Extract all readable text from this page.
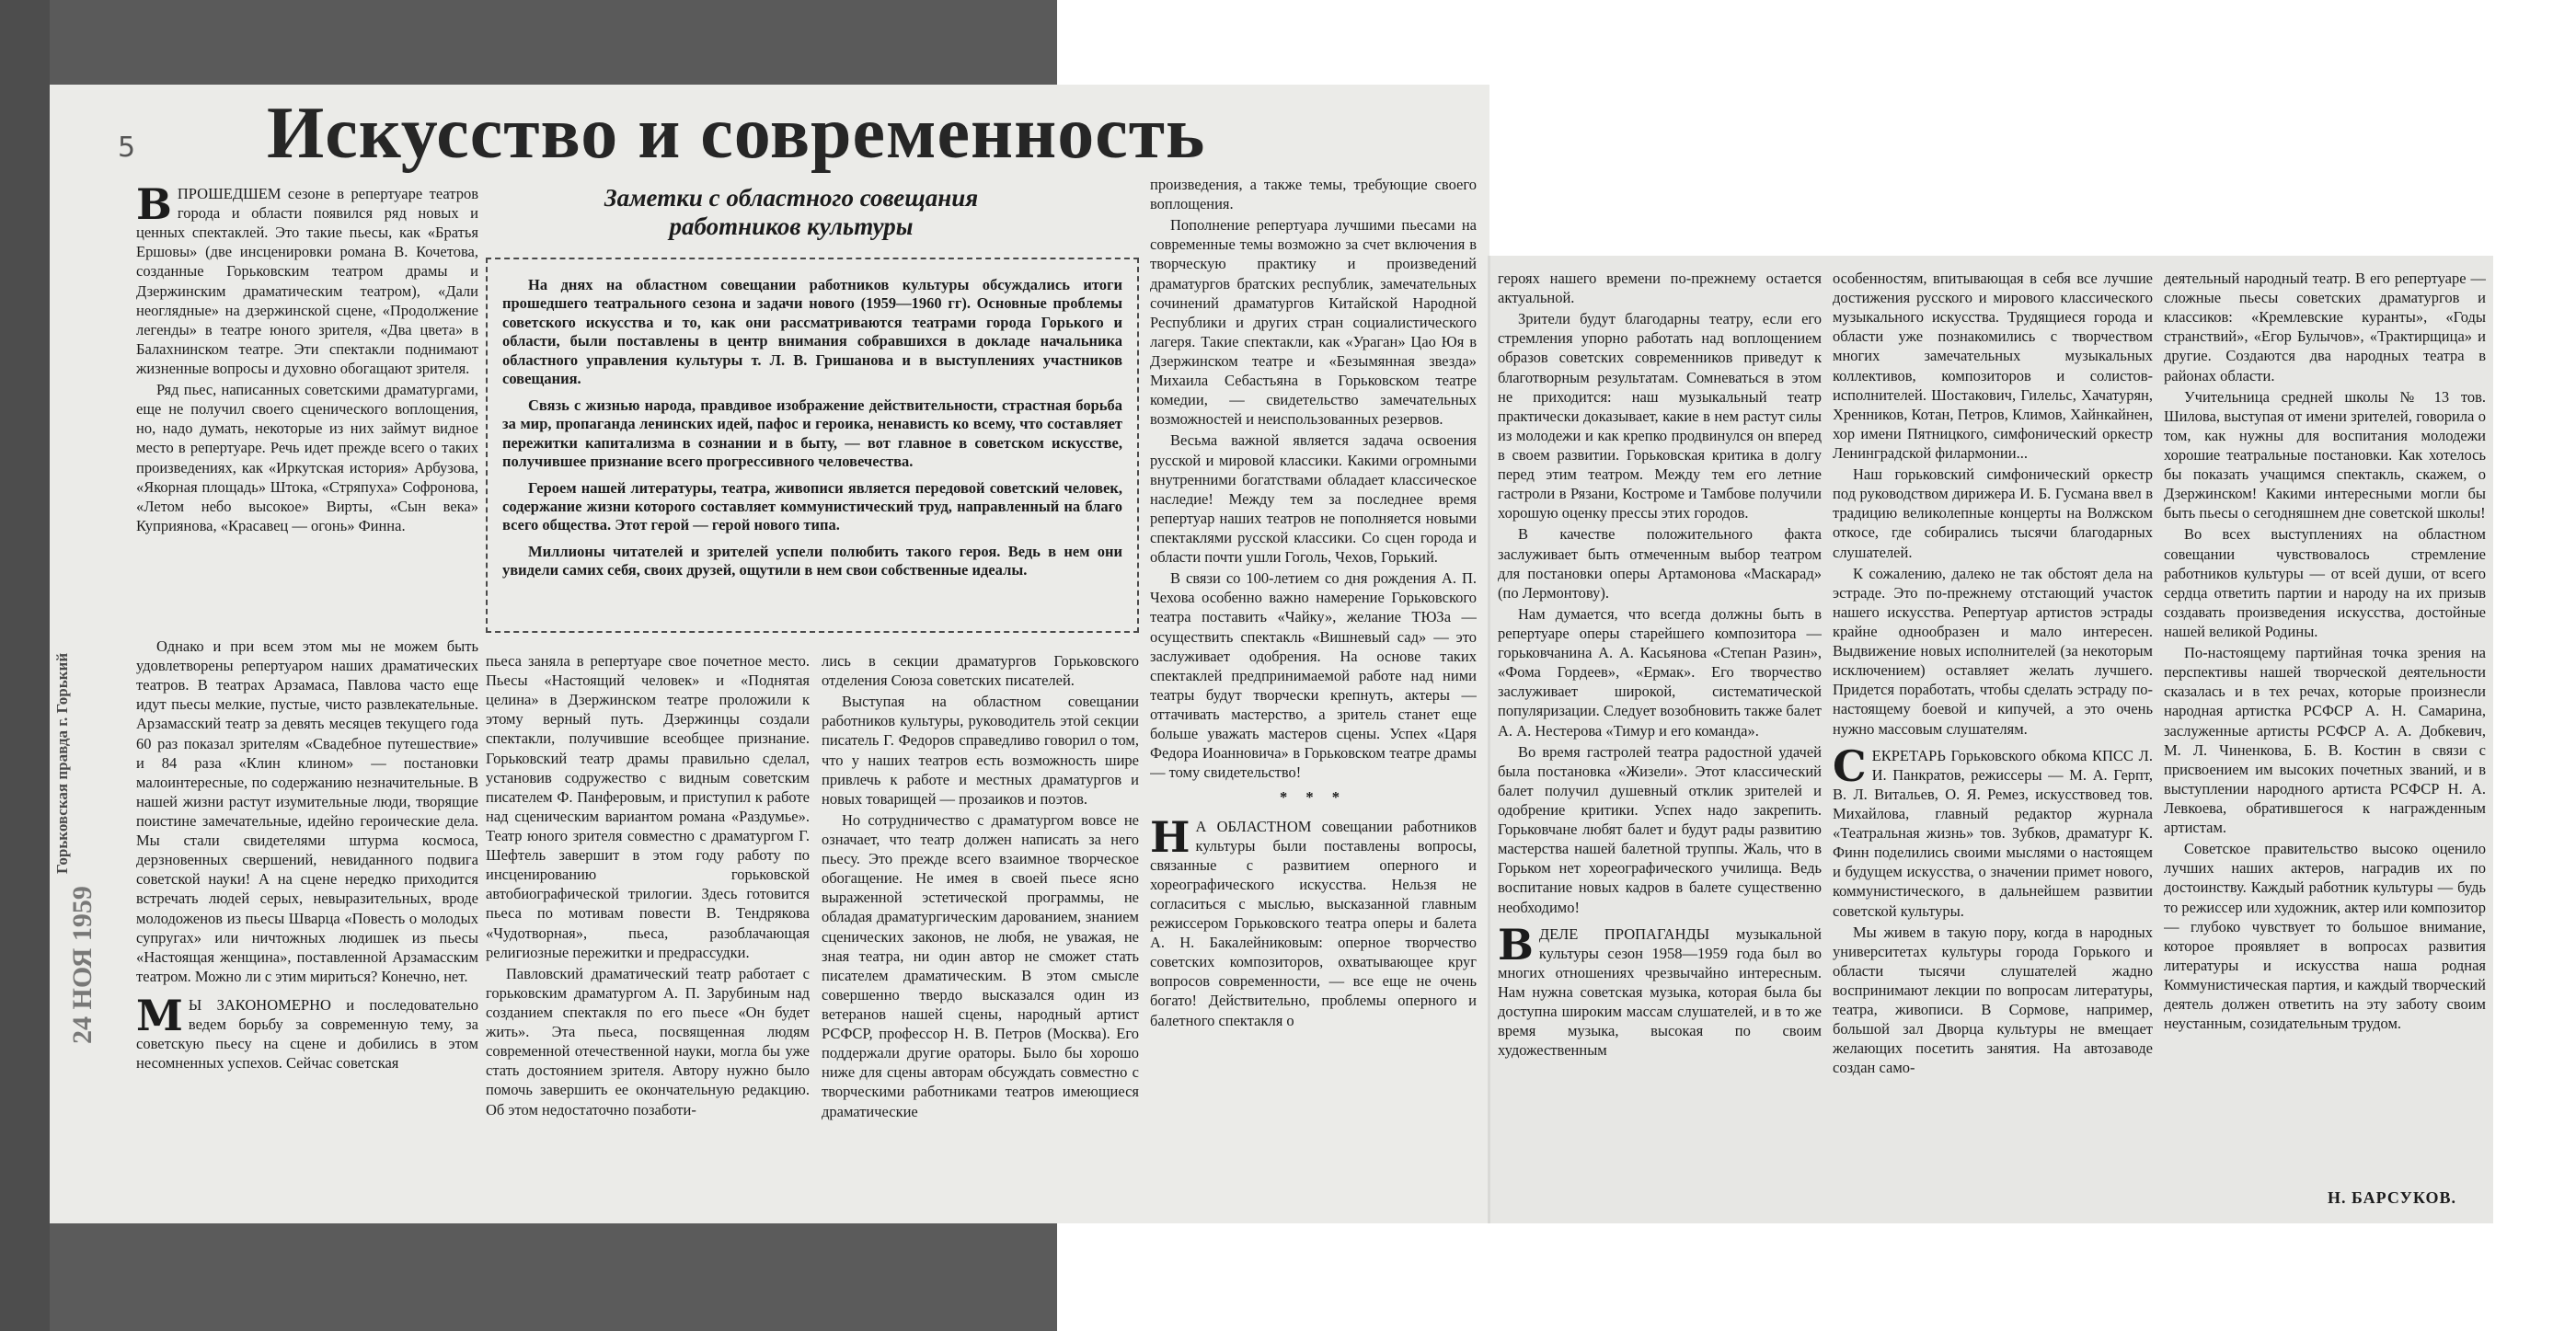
5
Горьковская правда г. Горький
24 НОЯ 1959
Искусство и современность
Заметки с областного совещания работников культуры

На днях на областном совещании работников культуры обсуждались итоги прошедшего театрального сезона и задачи нового (1959—1960 гг). Основные проблемы советского искусства и то, как они рассматриваются театрами города Горького и области, были поставлены в центр внимания собравшихся в докладе начальника областного управления культуры т. Л. В. Гришанова и в выступлениях участников совещания.

Связь с жизнью народа, правдивое изображение действительности, страстная борьба за мир, пропаганда ленинских идей, пафос и героика, ненависть ко всему, что составляет пережитки капитализма в сознании и в быту, — вот главное в советском искусстве, получившее признание всего прогрессивного человечества.

Героем нашей литературы, театра, живописи является передовой советский человек, содержание жизни которого составляет коммунистический труд, направленный на благо всего общества. Этот герой — герой нового типа.

Миллионы читателей и зрителей успели полюбить такого героя. Ведь в нем они увидели самих себя, своих друзей, ощутили в нем свои собственные идеалы.

ВПРОШЕДШЕМ сезоне в репертуаре театров города и области появился ряд новых и ценных спектаклей. Это такие пьесы, как «Братья Ершовы» (две инсценировки романа В. Кочетова, созданные Горьковским театром драмы и Дзержинским драматическим театром), «Дали неоглядные» на дзержинской сцене, «Продолжение легенды» в театре юного зрителя, «Два цвета» в Балахнинском театре. Эти спектакли поднимают жизненные вопросы и духовно обогащают зрителя.

Ряд пьес, написанных советскими драматургами, еще не получил своего сценического воплощения, но, надо думать, некоторые из них займут видное место в репертуаре. Речь идет прежде всего о таких произведениях, как «Иркутская история» Арбузова, «Якорная площадь» Штока, «Стряпуха» Софронова, «Летом небо высокое» Вирты, «Сын века» Куприянова, «Красавец — огонь» Финна.

Однако и при всем этом мы не можем быть удовлетворены репертуаром наших драматических театров. В театрах Арзамаса, Павлова часто еще идут пьесы мелкие, пустые, чисто развлекательные. Арзамасский театр за девять месяцев текущего года 60 раз показал зрителям «Свадебное путешествие» и 84 раза «Клин клином» — постановки малоинтересные, по содержанию незначительные. В нашей жизни растут изумительные люди, творящие поистине замечательные, идейно героические дела. Мы стали свидетелями штурма космоса, дерзновенных свершений, невиданного подвига советской науки! А на сцене нередко приходится встречать людей серых, невыразительных, вроде молодоженов из пьесы Шварца «Повесть о молодых супругах» или ничтожных людишек из пьесы «Настоящая женщина», поставленной Арзамасским театром. Можно ли с этим мириться? Конечно, нет.

М Ы ЗАКОНОМЕРНО и последовательно ведем борьбу за современную тему, за советскую пьесу на сцене и добились в этом несомненных успехов. Сейчас советская

пьеса заняла в репертуаре свое почетное место. Пьесы «Настоящий человек» и «Поднятая целина» в Дзержинском театре проложили к этому верный путь. Дзержинцы создали спектакли, получившие всеобщее признание. Горьковский театр драмы правильно сделал, установив содружество с видным советским писателем Ф. Панферовым, и приступил к работе над сценическим вариантом романа «Раздумье». Театр юного зрителя совместно с драматургом Г. Шефтель завершит в этом году работу по инсценированию горьковской автобиографической трилогии. Здесь готовится пьеса по мотивам повести В. Тендрякова «Чудотворная», пьеса, разоблачающая религиозные пережитки и предрассудки.

Павловский драматический театр работает с горьковским драматургом А. П. Зарубиным над созданием спектакля по его пьесе «Он будет жить». Эта пьеса, посвященная людям современной отечественной науки, могла бы уже стать достоянием зрителя. Автору нужно было помочь завершить ее окончательную редакцию. Об этом недостаточно позаботи-

лись в секции драматургов Горьковского отделения Союза советских писателей.

Выступая на областном совещании работников культуры, руководитель этой секции писатель Г. Федоров справедливо говорил о том, что у наших театров есть возможность шире привлечь к работе и местных драматургов и новых товарищей — прозаиков и поэтов.

Но сотрудничество с драматургом вовсе не означает, что театр должен написать за него пьесу. Это прежде всего взаимное творческое обогащение. Не имея в своей пьесе ясно выраженной эстетической программы, не обладая драматургическим дарованием, знанием сценических законов, не любя, не уважая, не зная театра, ни один автор не сможет стать писателем драматическим. В этом смысле совершенно твердо высказался один из ветеранов нашей сцены, народный артист РСФСР, профессор Н. В. Петров (Москва). Его поддержали другие ораторы. Было бы хорошо ниже для сцены авторам обсуждать совместно с творческими работниками театров имеющиеся драматические

произведения, а также темы, требующие своего воплощения.

Пополнение репертуара лучшими пьесами на современные темы возможно за счет включения в творческую практику и произведений драматургов братских республик, замечательных сочинений драматургов Китайской Народной Республики и других стран социалистического лагеря. Такие спектакли, как «Ураган» Цао Юя в Дзержинском театре и «Безымянная звезда» Михаила Себастьяна в Горьковском театре комедии, — свидетельство замечательных возможностей и неиспользованных резервов.

Весьма важной является задача освоения русской и мировой классики. Какими огромными внутренними богатствами обладает классическое наследие! Между тем за последнее время репертуар наших театров не пополняется новыми спектаклями русской классики. Со сцен города и области почти ушли Гоголь, Чехов, Горький.

В связи со 100-летием со дня рождения А. П. Чехова особенно важно намерение Горьковского театра поставить «Чайку», желание ТЮЗа — осуществить спектакль «Вишневый сад» — это заслуживает одобрения. На основе таких спектаклей предпринимаемой работе над ними театры будут творчески крепнуть, актеры — оттачивать мастерство, а зритель станет еще больше уважать мастеров сцены. Успех «Царя Федора Иоанновича» в Горьковском театре драмы — тому свидетельство!

* * *

Н А ОБЛАСТНОМ совещании работников культуры были поставлены вопросы, связанные с развитием оперного и хореографического искусства. Нельзя не согласиться с мыслью, высказанной главным режиссером Горьковского театра оперы и балета А. Н. Бакалейниковым: оперное творчество советских композиторов, охватывающее круг вопросов современности, — все еще не очень богато! Действительно, проблемы оперного и балетного спектакля о

героях нашего времени по-прежнему остается актуальной.

Зрители будут благодарны театру, если его стремления упорно работать над воплощением образов советских современников приведут к благотворным результатам. Сомневаться в этом не приходится: наш музыкальный театр практически доказывает, какие в нем растут силы из молодежи и как крепко продвинулся он вперед в своем развитии. Горьковская критика в долгу перед этим театром. Между тем его летние гастроли в Рязани, Костроме и Тамбове получили хорошую оценку прессы этих городов.

В качестве положительного факта заслуживает быть отмеченным выбор театром для постановки оперы Артамонова «Маскарад» (по Лермонтову).

Нам думается, что всегда должны быть в репертуаре оперы старейшего композитора — горьковчанина А. А. Касьянова «Степан Разин», «Фома Гордеев», «Ермак». Его творчество заслуживает широкой, систематической популяризации. Следует возобновить также балет А. А. Нестерова «Тимур и его команда».

Во время гастролей театра радостной удачей была постановка «Жизели». Этот классический балет получил душевный отклик зрителей и одобрение критики. Успех надо закрепить. Горьковчане любят балет и будут рады развитию мастерства нашей балетной труппы. Жаль, что в Горьком нет хореографического училища. Ведь воспитание новых кадров в балете существенно необходимо!

ВДЕЛЕ ПРОПАГАНДЫ музыкальной культуры сезон 1958—1959 года был во многих отношениях чрезвычайно интересным. Нам нужна советская музыка, которая была бы доступна широким массам слушателей, и в то же время музыка, высокая по своим художественным

особенностям, впитывающая в себя все лучшие достижения русского и мирового классического музыкального искусства. Трудящиеся города и области уже познакомились с творчеством многих замечательных музыкальных коллективов, композиторов и солистов-исполнителей. Шостакович, Гилельс, Хачатурян, Хренников, Котан, Петров, Климов, Хайнкайнен, хор имени Пятницкого, симфонический оркестр Ленинградской филармонии...

Наш горьковский симфонический оркестр под руководством дирижера И. Б. Гусмана ввел в традицию великолепные концерты на Волжском откосе, где собирались тысячи благодарных слушателей.

К сожалению, далеко не так обстоят дела на эстраде. Это по-прежнему отстающий участок нашего искусства. Репертуар артистов эстрады крайне однообразен и мало интересен. Выдвижение новых исполнителей (за некоторым исключением) оставляет желать лучшего. Придется поработать, чтобы сделать эстраду по-настоящему боевой и кипучей, а это очень нужно массовым слушателям.

СЕКРЕТАРЬ Горьковского обкома КПСС Л. И. Панкратов, режиссеры — М. А. Герпт, В. Л. Витальев, О. Я. Ремез, искусствовед тов. Михайлова, главный редактор журнала «Театральная жизнь» тов. Зубков, драматург К. Финн поделились своими мыслями о настоящем и будущем искусства, о значении примет нового, коммунистического, в дальнейшем развитии советской культуры.

Мы живем в такую пору, когда в народных университетах культуры города Горького и области тысячи слушателей жадно воспринимают лекции по вопросам литературы, театра, живописи. В Сормове, например, большой зал Дворца культуры не вмещает желающих посетить занятия. На автозаводе создан само-

деятельный народный театр. В его репертуаре — сложные пьесы советских драматургов и классиков: «Кремлевские куранты», «Годы странствий», «Егор Булычов», «Трактирщица» и другие. Создаются два народных театра в районах области.

Учительница средней школы № 13 тов. Шилова, выступая от имени зрителей, говорила о том, как нужны для воспитания молодежи хорошие театральные постановки. Как хотелось бы показать учащимся спектакль, скажем, о Дзержинском! Какими интересными могли бы быть пьесы о сегодняшнем дне советской школы!

Во всех выступлениях на областном совещании чувствовалось стремление работников культуры — от всей души, от всего сердца ответить партии и народу на их призыв создавать произведения искусства, достойные нашей великой Родины.

По-настоящему партийная точка зрения на перспективы нашей творческой деятельности сказалась и в тех речах, которые произнесли народная артистка РСФСР А. Н. Самарина, заслуженные артисты РСФСР А. А. Добкевич, М. Л. Чиненкова, Б. В. Костин в связи с присвоением им высоких почетных званий, и в выступлении народного артиста РСФСР Н. А. Левкоева, обратившегося к награжденным артистам.

Советское правительство высоко оценило лучших наших актеров, наградив их по достоинству. Каждый работник культуры — будь то режиссер или художник, актер или композитор — глубоко чувствует то большое внимание, которое проявляет в вопросах развития литературы и искусства наша родная Коммунистическая партия, и каждый творческий деятель должен ответить на эту заботу своим неустанным, созидательным трудом.

Н. БАРСУКОВ.
